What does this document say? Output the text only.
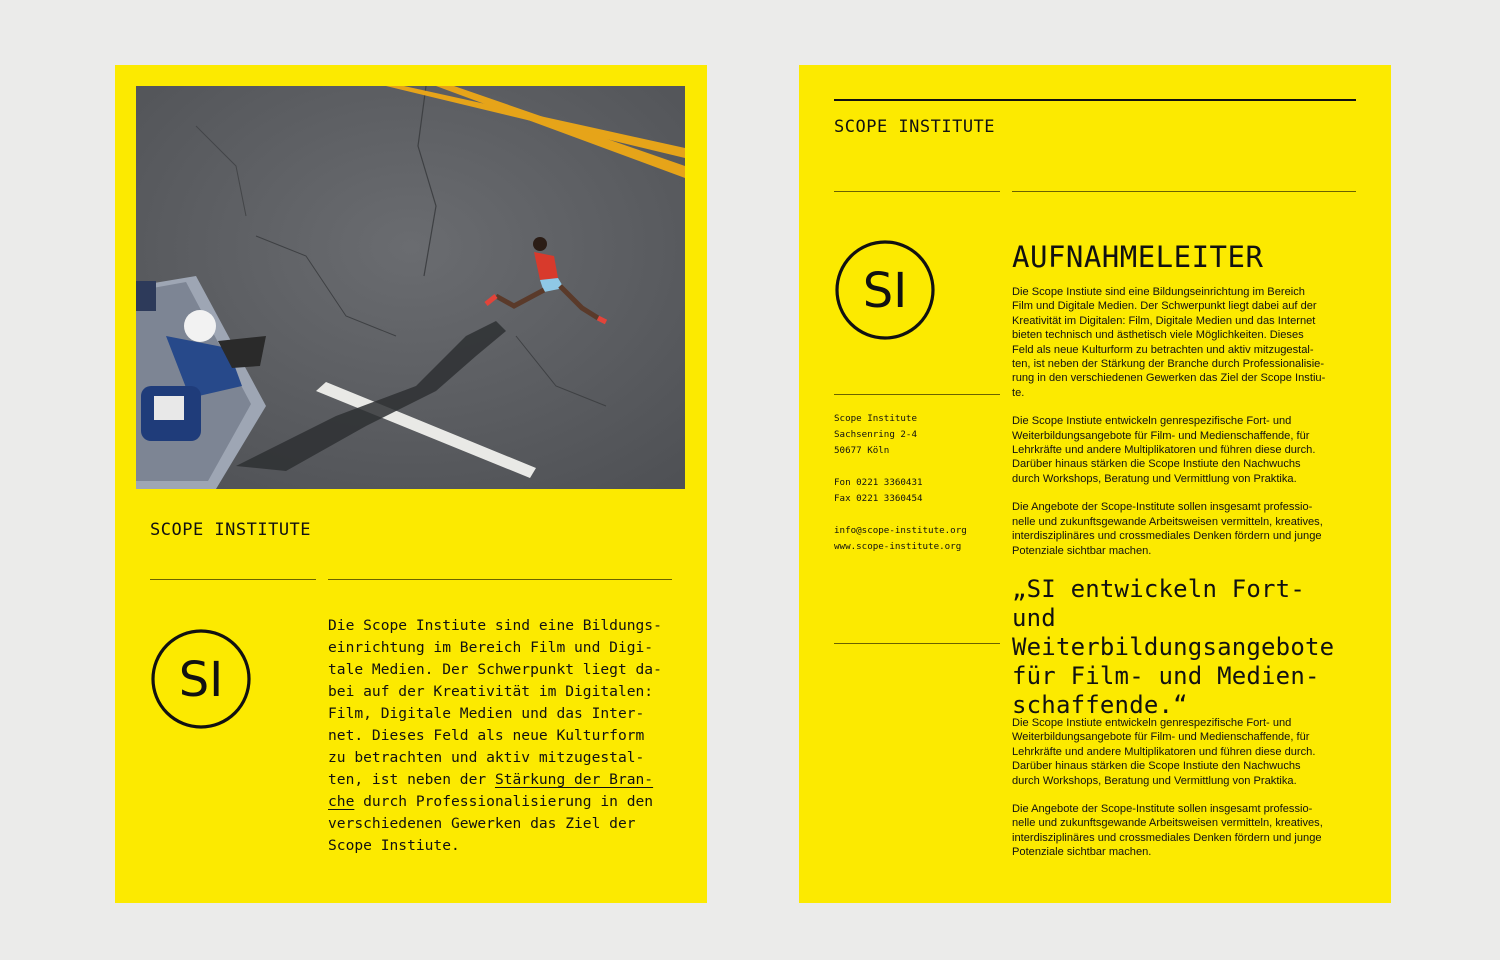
SCOPE INSTITUTE
SI

Die Scope Instiute sind eine Bildungs-

einrichtung im Bereich Film und Digi-

tale Medien. Der Schwerpunkt liegt da-

bei auf der Kreativität im Digitalen:

Film, Digitale Medien und das Inter-

net. Dieses Feld als neue Kulturform

zu betrachten und aktiv mitzugestal-

ten, ist neben der Stärkung der Bran-

che durch Professionalisierung in den

verschiedenen Gewerken das Ziel der

Scope Instiute.

SCOPE INSTITUTE
SI
AUFNAHMELEITER

Die Scope Instiute sind eine Bildungseinrichtung im Bereich
Film und Digitale Medien. Der Schwerpunkt liegt dabei auf der
Kreativität im Digitalen: Film, Digitale Medien und das Internet
bieten technisch und ästhetisch viele Möglichkeiten. Dieses
Feld als neue Kulturform zu betrachten und aktiv mitzugestal-
ten, ist neben der Stärkung der Branche durch Professionalisie-
rung in den verschiedenen Gewerken das Ziel der Scope Instiu-
te.

Die Scope Instiute entwickeln genrespezifische Fort- und
Weiterbildungsangebote für Film- und Medienschaffende, für
Lehrkräfte und andere Multiplikatoren und führen diese durch.
Darüber hinaus stärken die Scope Instiute den Nachwuchs
durch Workshops, Beratung und Vermittlung von Praktika.

Die Angebote der Scope-Institute sollen insgesamt professio-
nelle und zukunftsgewande Arbeitsweisen vermitteln, kreatives,
interdisziplinäres und crossmediales Denken fördern und junge
Potenziale sichtbar machen.

Scope Institute
Sachsenring 2-4
50677 Köln
Fon 0221 3360431
Fax 0221 3360454
info@scope-institute.org
www.scope-institute.org
„SI entwickeln Fort- und
Weiterbildungsangebote
für Film- und Medien-
schaffende.“

Die Scope Instiute entwickeln genrespezifische Fort- und
Weiterbildungsangebote für Film- und Medienschaffende, für
Lehrkräfte und andere Multiplikatoren und führen diese durch.
Darüber hinaus stärken die Scope Instiute den Nachwuchs
durch Workshops, Beratung und Vermittlung von Praktika.

Die Angebote der Scope-Institute sollen insgesamt professio-
nelle und zukunftsgewande Arbeitsweisen vermitteln, kreatives,
interdisziplinäres und crossmediales Denken fördern und junge
Potenziale sichtbar machen.
